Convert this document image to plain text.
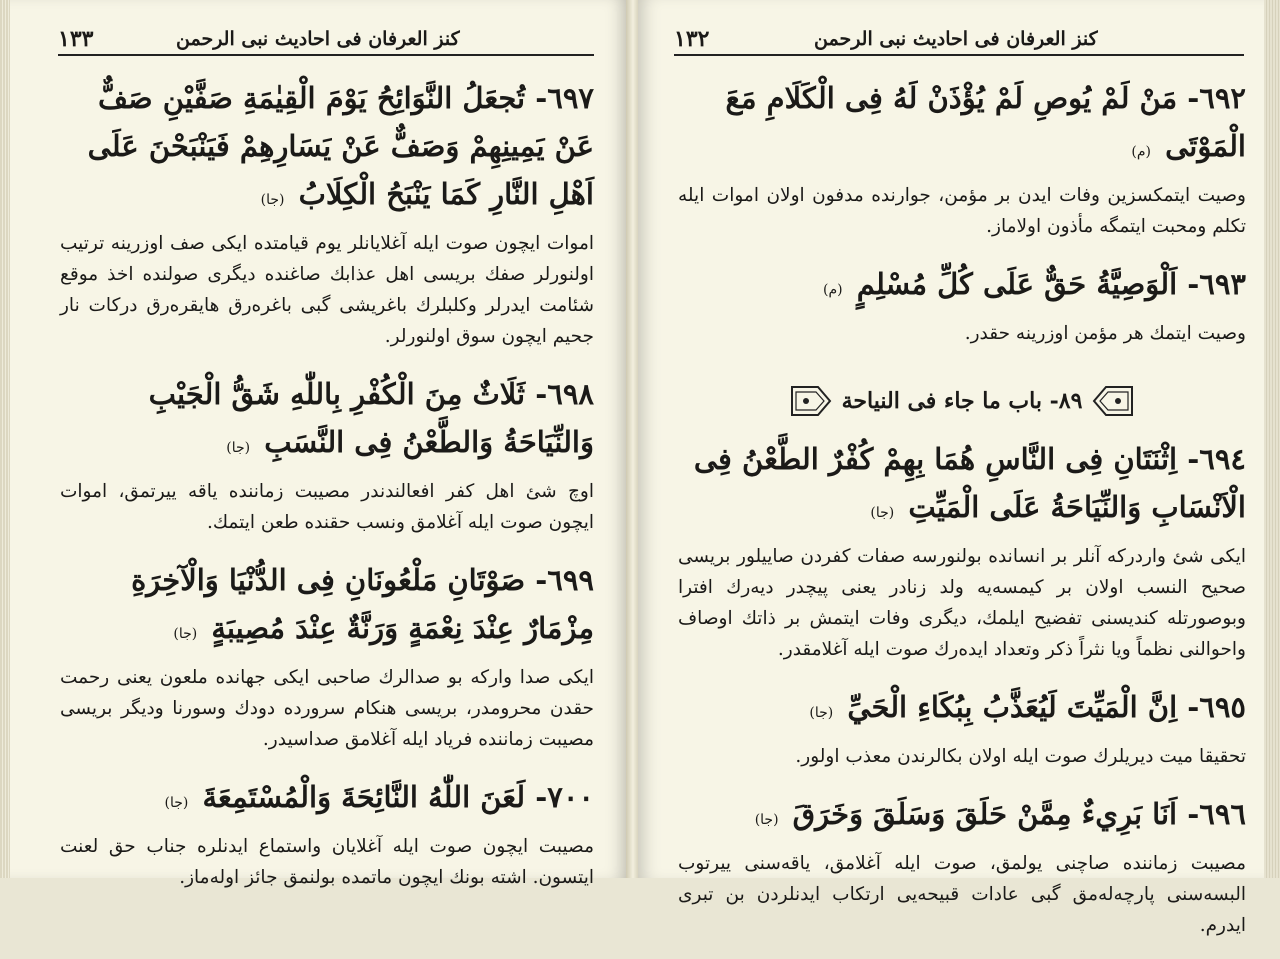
١٣٣	كنز العرفان فى احاديث نبى الرحمن

٦٩٧- تُجعَلُ النَّوَائِحُ يَوْمَ الْقِيٰمَةِ صَفَّيْنِ صَفٌّ عَنْ يَمِينِهِمْ وَصَفٌّ عَنْ يَسَارِهِمْ فَيَنْبَحْنَ عَلَى اَهْلِ النَّارِ كَمَا يَنْبَحُ الْكِلَابُ (جا)

اموات ايچون صوت ايله آغلايانلر يوم قيامتده ايكى صف اوزرينه ترتيب اولنورلر صفك بريسى اهل عذابك صاغنده ديگرى صولنده اخذ موقع شئامت ايدرلر وكلبلرك باغريشى گبى باغرەرق هايقرەرق دركات نار جحيم ايچون سوق اولنورلر.

٦٩٨- ثَلَاثٌ مِنَ الْكُفْرِ بِاللّٰهِ شَقُّ الْجَيْبِ وَالنِّيَاحَةُ وَالطَّعْنُ فِى النَّسَبِ (جا)

اوچ شئ اهل كفر افعالندندر مصيبت زماننده ياقه ييرتمق، اموات ايچون صوت ايله آغلامق ونسب حقنده طعن ايتمك.

٦٩٩- صَوْتَانِ مَلْعُونَانِ فِى الدُّنْيَا وَالْآخِرَةِ مِزْمَارٌ عِنْدَ نِعْمَةٍ وَرَنَّةٌ عِنْدَ مُصِيبَةٍ (جا)

ايكى صدا واركه بو صدالرك صاحبى ايكى جهانده ملعون يعنى رحمت حقدن محرومدر، بريسى هنكام سرورده دودك وسورنا وديگر بريسى مصيبت زماننده فرياد ايله آغلامق صداسيدر.

٧٠٠- لَعَنَ اللّٰهُ النَّائِحَةَ وَالْمُسْتَمِعَةَ (جا)

مصيبت ايچون صوت ايله آغلايان واستماع ايدنلره جناب حق لعنت ايتسون. اشته بونك ايچون ماتمده بولنمق جائز اولەماز.

١٣٢	كنز العرفان فى احاديث نبى الرحمن

٦٩٢- مَنْ لَمْ يُوصِ لَمْ يُؤْذَنْ لَهُ فِى الْكَلَامِ مَعَ الْمَوْتَى (م)

وصيت ايتمكسزين وفات ايدن بر مؤمن، جوارنده مدفون اولان اموات ايله تكلم ومحبت ايتمگه مأذون اولاماز.

٦٩٣- اَلْوَصِيَّةُ حَقٌّ عَلَى كُلِّ مُسْلِمٍ (م)

وصيت ايتمك هر مؤمن اوزرينه حقدر.

٨٩- باب ما جاء فى النياحة

٦٩٤- اِثْنَتَانِ فِى النَّاسِ هُمَا بِهِمْ كُفْرٌ الطَّعْنُ فِى الْاَنْسَابِ وَالنِّيَاحَةُ عَلَى الْمَيِّتِ (جا)

ايكى شئ واردركه آنلر بر انسانده بولنورسه صفات كفردن صاييلور بريسى صحيح النسب اولان بر كيمسەيه ولد زنادر يعنى پيچدر ديەرك افترا وبوصورتله كنديسنى تفضيح ايلمك، ديگرى وفات ايتمش بر ذاتك اوصاف واحوالنى نظماً ويا نثراً ذكر وتعداد ايدەرك صوت ايله آغلامقدر.

٦٩٥- اِنَّ الْمَيِّتَ لَيُعَذَّبُ بِبُكَاءِ الْحَيِّ (جا)

تحقيقا ميت ديريلرك صوت ايله اولان بكالرندن معذب اولور.

٦٩٦- اَنَا بَرِيءٌ مِمَّنْ حَلَقَ وَسَلَقَ وَخَرَقَ (جا)

مصيبت زماننده صاچنى يولمق، صوت ايله آغلامق، ياقەسنى ييرتوب البسەسنى پارچەلەمق گبى عادات قبيحەيى ارتكاب ايدنلردن بن تبرى ايدرم.
